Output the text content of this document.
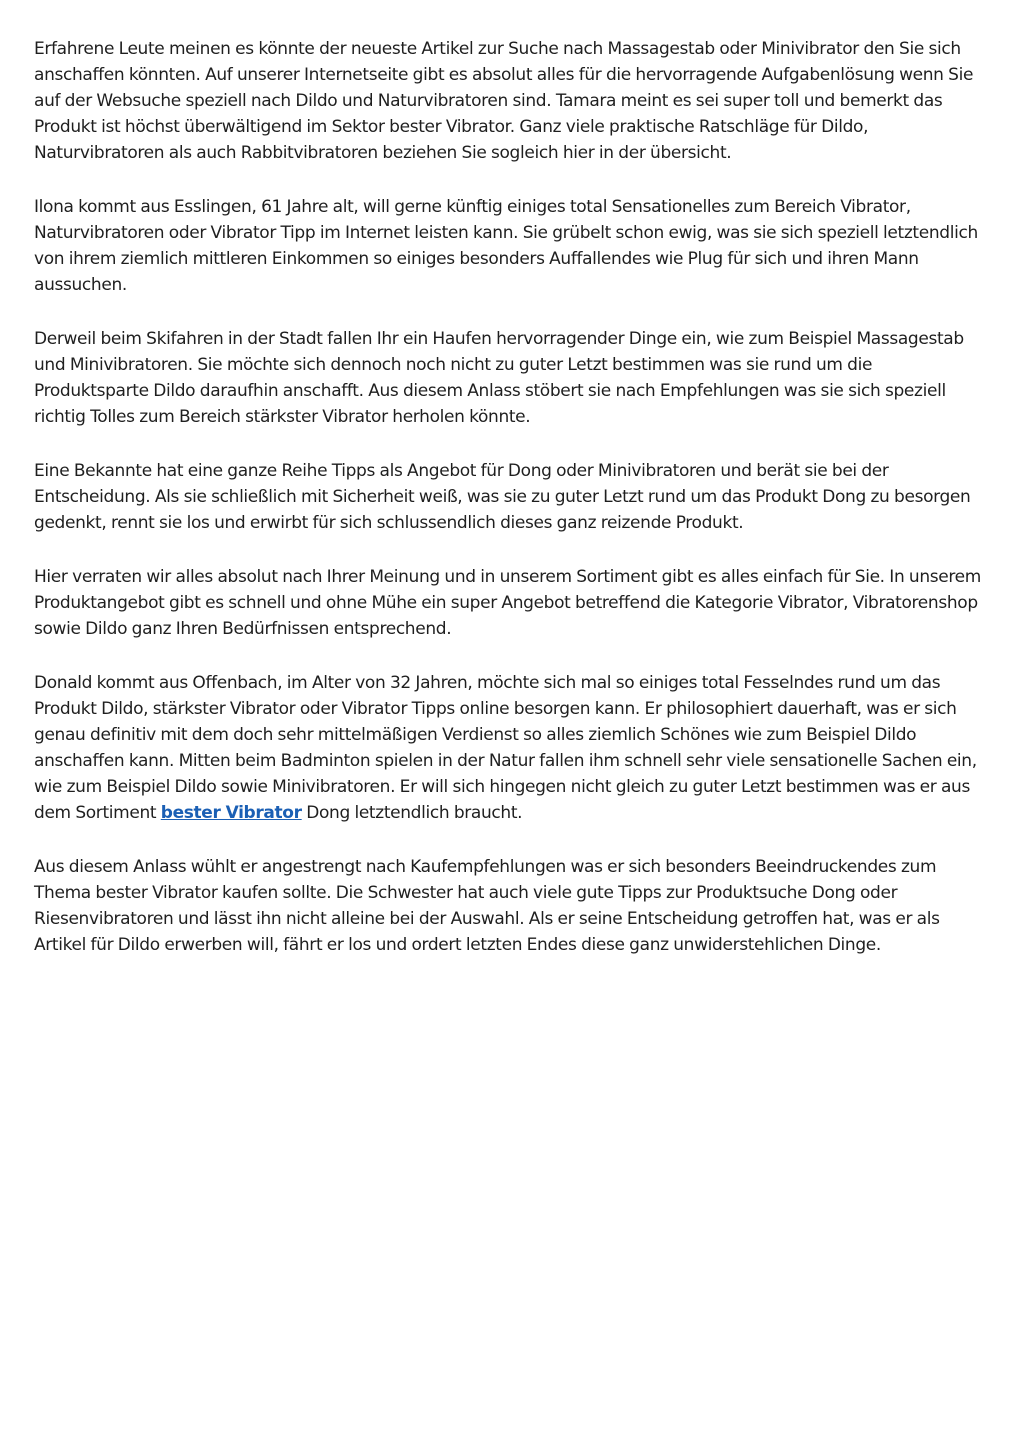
Erfahrene Leute meinen es könnte der neueste Artikel zur Suche nach Massagestab oder Minivibrator den Sie sich anschaffen könnten. Auf unserer Internetseite gibt es absolut alles für die hervorragende Aufgabenlösung wenn Sie auf der Websuche speziell nach Dildo und Naturvibratoren sind. Tamara meint es sei super toll und bemerkt das Produkt ist höchst überwältigend im Sektor bester Vibrator. Ganz viele praktische Ratschläge für Dildo, Naturvibratoren als auch Rabbitvibratoren beziehen Sie sogleich hier in der übersicht.

Ilona kommt aus Esslingen, 61 Jahre alt, will gerne künftig einiges total Sensationelles zum Bereich Vibrator, Naturvibratoren oder Vibrator Tipp im Internet leisten kann. Sie grübelt schon ewig, was sie sich speziell letztendlich von ihrem ziemlich mittleren Einkommen so einiges besonders Auffallendes wie Plug für sich und ihren Mann aussuchen.

Derweil beim Skifahren in der Stadt fallen Ihr ein Haufen hervorragender Dinge ein, wie zum Beispiel Massagestab und Minivibratoren. Sie möchte sich dennoch noch nicht zu guter Letzt bestimmen was sie rund um die Produktsparte Dildo daraufhin anschafft. Aus diesem Anlass stöbert sie nach Empfehlungen was sie sich speziell richtig Tolles zum Bereich stärkster Vibrator herholen könnte.

Eine Bekannte hat eine ganze Reihe Tipps als Angebot für Dong oder Minivibratoren und berät sie bei der Entscheidung. Als sie schließlich mit Sicherheit weiß, was sie zu guter Letzt rund um das Produkt Dong zu besorgen gedenkt, rennt sie los und erwirbt für sich schlussendlich dieses ganz reizende Produkt.

Hier verraten wir alles absolut nach Ihrer Meinung und in unserem Sortiment gibt es alles einfach für Sie. In unserem Produktangebot gibt es schnell und ohne Mühe ein super Angebot betreffend die Kategorie Vibrator, Vibratorenshop sowie Dildo ganz Ihren Bedürfnissen entsprechend.

Donald kommt aus Offenbach, im Alter von 32 Jahren, möchte sich mal so einiges total Fesselndes rund um das Produkt Dildo, stärkster Vibrator oder Vibrator Tipps online besorgen kann. Er philosophiert dauerhaft, was er sich genau definitiv mit dem doch sehr mittelmäßigen Verdienst so alles ziemlich Schönes wie zum Beispiel Dildo anschaffen kann. Mitten beim Badminton spielen in der Natur fallen ihm schnell sehr viele sensationelle Sachen ein, wie zum Beispiel Dildo sowie Minivibratoren. Er will sich hingegen nicht gleich zu guter Letzt bestimmen was er aus dem Sortiment bester Vibrator Dong letztendlich braucht.

Aus diesem Anlass wühlt er angestrengt nach Kaufempfehlungen was er sich besonders Beeindruckendes zum Thema bester Vibrator kaufen sollte. Die Schwester hat auch viele gute Tipps zur Produktsuche Dong oder Riesenvibratoren und lässt ihn nicht alleine bei der Auswahl. Als er seine Entscheidung getroffen hat, was er als Artikel für Dildo erwerben will, fährt er los und ordert letzten Endes diese ganz unwiderstehlichen Dinge.
